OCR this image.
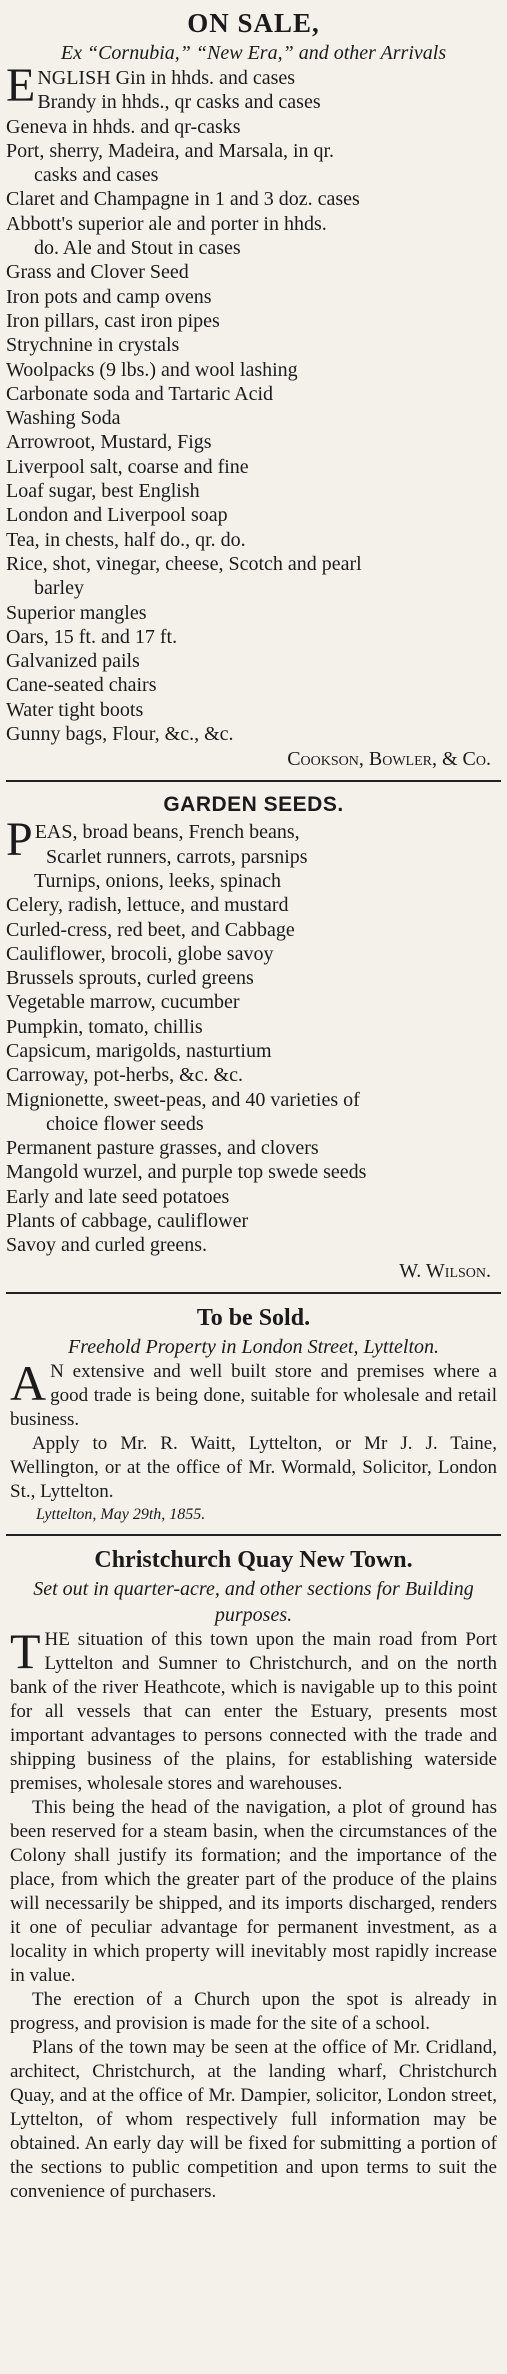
ON SALE,
Ex “Cornubia,” “New Era,” and other Arrivals
ENGLISH Gin in hhds. and cases
Brandy in hhds., qr casks and cases
Geneva in hhds. and qr-casks
Port, sherry, Madeira, and Marsala, in qr.
casks and cases
Claret and Champagne in 1 and 3 doz. cases
Abbott's superior ale and porter in hhds.
do. Ale and Stout in cases
Grass and Clover Seed
Iron pots and camp ovens
Iron pillars, cast iron pipes
Strychnine in crystals
Woolpacks (9 lbs.) and wool lashing
Carbonate soda and Tartaric Acid
Washing Soda
Arrowroot, Mustard, Figs
Liverpool salt, coarse and fine
Loaf sugar, best English
London and Liverpool soap
Tea, in chests, half do., qr. do.
Rice, shot, vinegar, cheese, Scotch and pearl
barley
Superior mangles
Oars, 15 ft. and 17 ft.
Galvanized pails
Cane-seated chairs
Water tight boots
Gunny bags, Flour, &c., &c.
Cookson, Bowler, & Co.
GARDEN SEEDS.
PEAS, broad beans, French beans,
Scarlet runners, carrots, parsnips
Turnips, onions, leeks, spinach
Celery, radish, lettuce, and mustard
Curled-cress, red beet, and Cabbage
Cauliflower, brocoli, globe savoy
Brussels sprouts, curled greens
Vegetable marrow, cucumber
Pumpkin, tomato, chillis
Capsicum, marigolds, nasturtium
Carroway, pot-herbs, &c. &c.
Mignionette, sweet-peas, and 40 varieties of
choice flower seeds
Permanent pasture grasses, and clovers
Mangold wurzel, and purple top swede seeds
Early and late seed potatoes
Plants of cabbage, cauliflower
Savoy and curled greens.
W. Wilson.
To be Sold.
Freehold Property in London Street, Lyttelton.

A N extensive and well built store and premises where a good trade is being done, suitable for wholesale and retail business.

Apply to Mr. R. Waitt, Lyttelton, or Mr J. J. Taine, Wellington, or at the office of Mr. Wormald, Solicitor, London St., Lyttelton.

Lyttelton, May 29th, 1855.
Christchurch Quay New Town.
Set out in quarter-acre, and other sections for Building purposes.

THE situation of this town upon the main road from Port Lyttelton and Sumner to Christchurch, and on the north bank of the river Heathcote, which is navigable up to this point for all vessels that can enter the Estuary, presents most important advantages to persons connected with the trade and shipping business of the plains, for establishing waterside premises, wholesale stores and warehouses.

This being the head of the navigation, a plot of ground has been reserved for a steam basin, when the circumstances of the Colony shall justify its formation; and the importance of the place, from which the greater part of the produce of the plains will necessarily be shipped, and its imports discharged, renders it one of peculiar advantage for permanent investment, as a locality in which property will inevitably most rapidly increase in value.

The erection of a Church upon the spot is already in progress, and provision is made for the site of a school.

Plans of the town may be seen at the office of Mr. Cridland, architect, Christchurch, at the landing wharf, Christchurch Quay, and at the office of Mr. Dampier, solicitor, London street, Lyttelton, of whom respectively full information may be obtained. An early day will be fixed for submitting a portion of the sections to public competition and upon terms to suit the convenience of purchasers.
